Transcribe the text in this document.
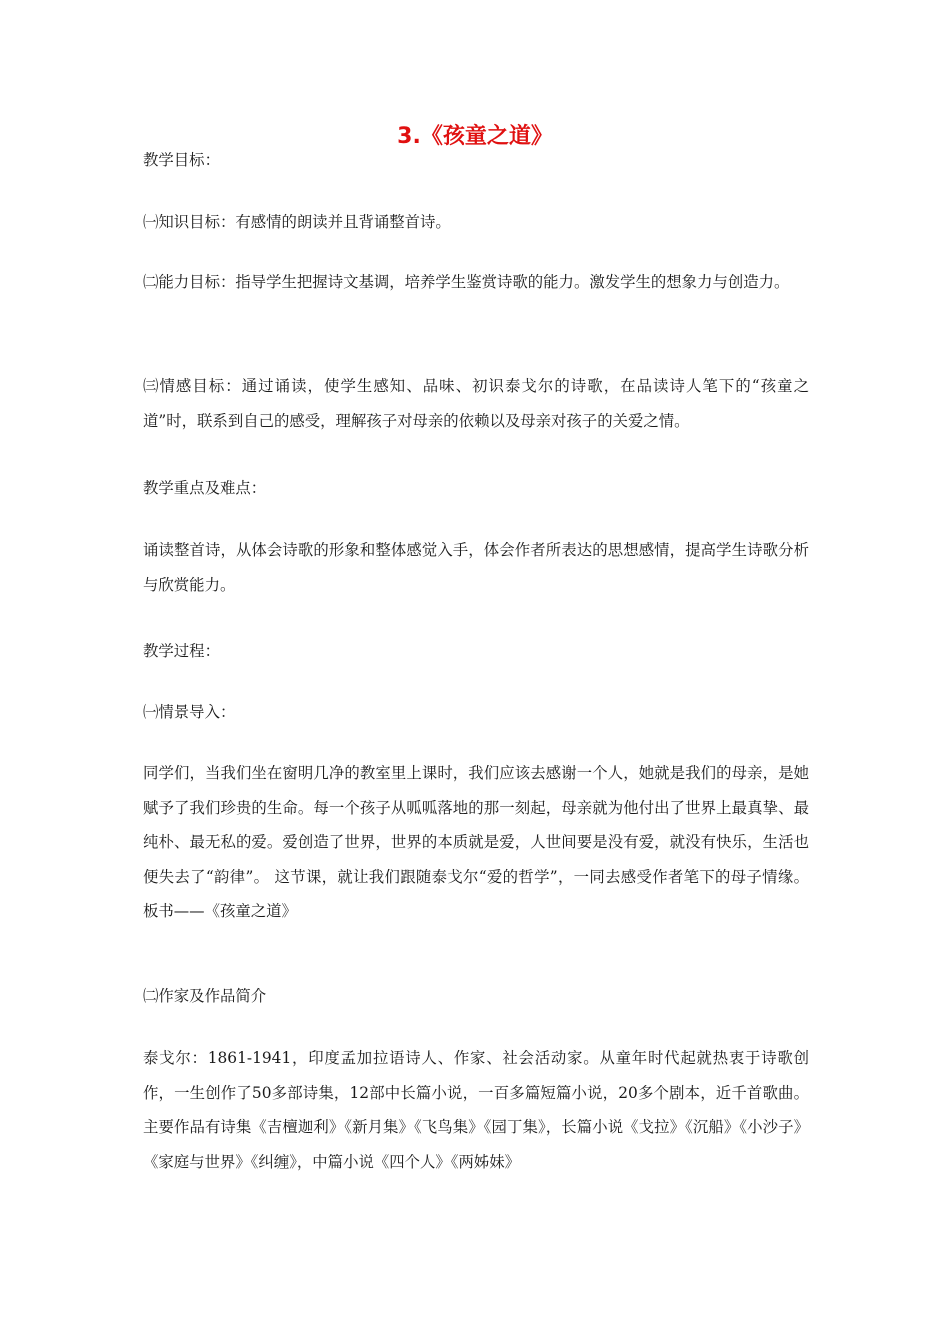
3.《孩童之道》

教学目标：

㈠知识目标：有感情的朗读并且背诵整首诗。

㈡能力目标：指导学生把握诗文基调，培养学生鉴赏诗歌的能力。激发学生的想象力与创造力。

㈢情感目标：通过诵读，使学生感知、品味、初识泰戈尔的诗歌，在品读诗人笔下的“孩童之道”时，联系到自己的感受，理解孩子对母亲的依赖以及母亲对孩子的关爱之情。

教学重点及难点：

诵读整首诗，从体会诗歌的形象和整体感觉入手，体会作者所表达的思想感情，提高学生诗歌分析与欣赏能力。

教学过程：

㈠情景导入：

同学们，当我们坐在窗明几净的教室里上课时，我们应该去感谢一个人，她就是我们的母亲，是她赋予了我们珍贵的生命。每一个孩子从呱呱落地的那一刻起，母亲就为他付出了世界上最真挚、最纯朴、最无私的爱。爱创造了世界，世界的本质就是爱，人世间要是没有爱，就没有快乐，生活也便失去了“韵律”。 这节课，就让我们跟随泰戈尔“爱的哲学”，一同去感受作者笔下的母子情缘。板书——《孩童之道》

㈡作家及作品简介

泰戈尔：1861-1941，印度孟加拉语诗人、作家、社会活动家。从童年时代起就热衷于诗歌创作，一生创作了50多部诗集，12部中长篇小说，一百多篇短篇小说，20多个剧本，近千首歌曲。主要作品有诗集《吉檀迦利》《新月集》《飞鸟集》《园丁集》，长篇小说《戈拉》《沉船》《小沙子》《家庭与世界》《纠缠》，中篇小说《四个人》《两姊妹》
